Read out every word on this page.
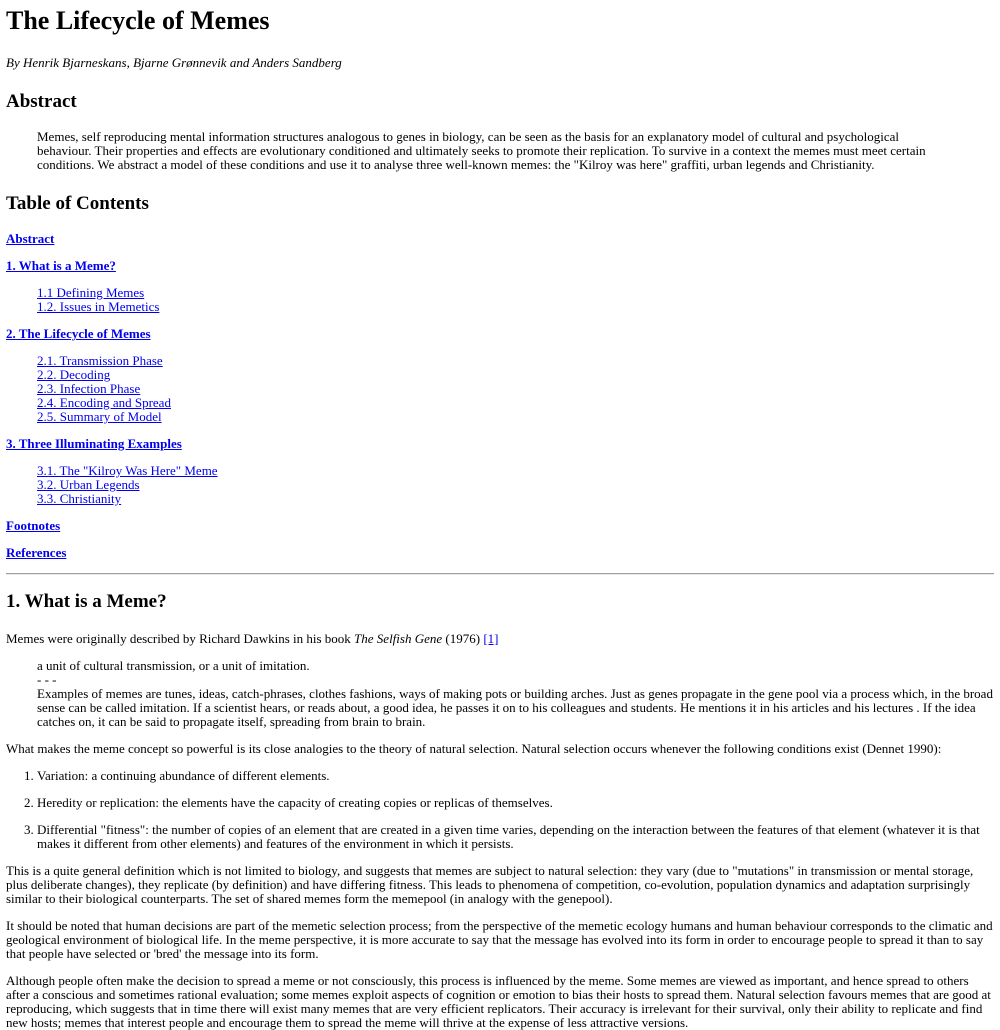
The Lifecycle of Memes

By Henrik Bjarneskans, Bjarne Grønnevik and Anders Sandberg

Abstract

Memes, self reproducing mental information structures analogous to genes in biology, can be seen as the basis for an explanatory model of cultural and psychological behaviour. Their properties and effects are evolutionary conditioned and ultimately seeks to promote their replication. To survive in a context the memes must meet certain conditions. We abstract a model of these conditions and use it to analyse three well-known memes: the "Kilroy was here" graffiti, urban legends and Christianity.

Table of Contents

Abstract

1. What is a Meme?

1.1 Defining Memes
1.2. Issues in Memetics

2. The Lifecycle of Memes

2.1. Transmission Phase
2.2. Decoding
2.3. Infection Phase
2.4. Encoding and Spread
2.5. Summary of Model

3. Three Illuminating Examples

3.1. The "Kilroy Was Here" Meme
3.2. Urban Legends
3.3. Christianity

Footnotes

References

1. What is a Meme?

Memes were originally described by Richard Dawkins in his book The Selfish Gene (1976) [1]

a unit of cultural transmission, or a unit of imitation.
- - -
Examples of memes are tunes, ideas, catch-phrases, clothes fashions, ways of making pots or building arches. Just as genes propagate in the gene pool via a process which, in the broad sense can be called imitation. If a scientist hears, or reads about, a good idea, he passes it on to his colleagues and students. He mentions it in his articles and his lectures . If the idea catches on, it can be said to propagate itself, spreading from brain to brain.

What makes the meme concept so powerful is its close analogies to the theory of natural selection. Natural selection occurs whenever the following conditions exist (Dennet 1990):

1. Variation: a continuing abundance of different elements.
2. Heredity or replication: the elements have the capacity of creating copies or replicas of themselves.
3. Differential "fitness": the number of copies of an element that are created in a given time varies, depending on the interaction between the features of that element (whatever it is that makes it different from other elements) and features of the environment in which it persists.

This is a quite general definition which is not limited to biology, and suggests that memes are subject to natural selection: they vary (due to "mutations" in transmission or mental storage, plus deliberate changes), they replicate (by definition) and have differing fitness. This leads to phenomena of competition, co-evolution, population dynamics and adaptation surprisingly similar to their biological counterparts. The set of shared memes form the memepool (in analogy with the genepool).

It should be noted that human decisions are part of the memetic selection process; from the perspective of the memetic ecology humans and human behaviour corresponds to the climatic and geological environment of biological life. In the meme perspective, it is more accurate to say that the message has evolved into its form in order to encourage people to spread it than to say that people have selected or 'bred' the message into its form.

Although people often make the decision to spread a meme or not consciously, this process is influenced by the meme. Some memes are viewed as important, and hence spread to others after a conscious and sometimes rational evaluation; some memes exploit aspects of cognition or emotion to bias their hosts to spread them. Natural selection favours memes that are good at reproducing, which suggests that in time there will exist many memes that are very efficient replicators. Their accuracy is irrelevant for their survival, only their ability to replicate and find new hosts; memes that interest people and encourage them to spread the meme will thrive at the expense of less attractive versions.
